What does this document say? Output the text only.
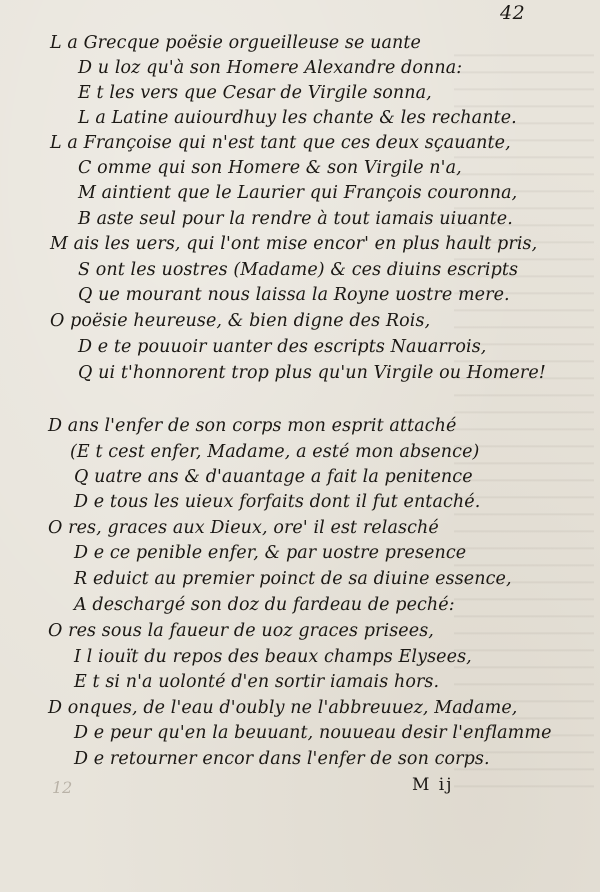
42
L a Grecque poësie orgueilleuse se uante
D u loz qu'à son Homere Alexandre donna:
E t les vers que Cesar de Virgile sonna,
L a Latine auiourdhuy les chante & les rechante.
L a Françoise qui n'est tant que ces deux sçauante,
C omme qui son Homere & son Virgile n'a,
M aintient que le Laurier qui François couronna,
B aste seul pour la rendre à tout iamais uiuante.
M ais les uers, qui l'ont mise encor' en plus hault pris,
S ont les uostres (Madame) & ces diuins escripts
Q ue mourant nous laissa la Royne uostre mere.
O poësie heureuse, & bien digne des Rois,
D e te pouuoir uanter des escripts Nauarrois,
Q ui t'honnorent trop plus qu'un Virgile ou Homere!
D ans l'enfer de son corps mon esprit attaché
(E t cest enfer, Madame, a esté mon absence)
Q uatre ans & d'auantage a fait la penitence
D e tous les uieux forfaits dont il fut entaché.
O res, graces aux Dieux, ore' il est relasché
D e ce penible enfer, & par uostre presence
R eduict au premier poinct de sa diuine essence,
A deschargé son doz du fardeau de peché:
O res sous la faueur de uoz graces prisees,
I l iouït du repos des beaux champs Elysees,
E t si n'a uolonté d'en sortir iamais hors.
D onques, de l'eau d'oubly ne l'abbreuuez, Madame,
D e peur qu'en la beuuant, nouueau desir l'enflamme
D e retourner encor dans l'enfer de son corps.
12	M ij
